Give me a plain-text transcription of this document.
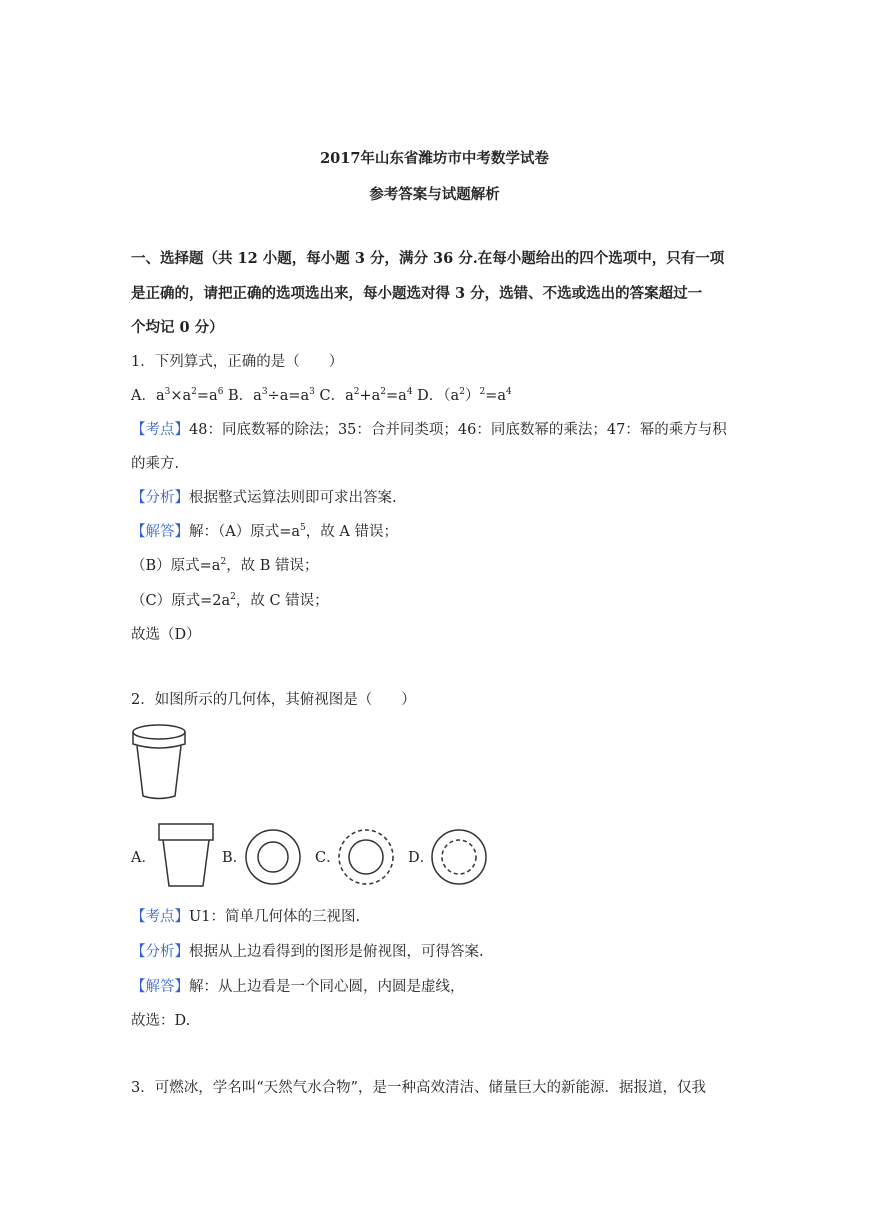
2017年山东省潍坊市中考数学试卷
参考答案与试题解析
一、选择题（共 12 小题，每小题 3 分，满分 36 分.在每小题给出的四个选项中，只有一项
是正确的，请把正确的选项选出来，每小题选对得 3 分，选错、不选或选出的答案超过一
个均记 0 分）
1．下列算式，正确的是（　　）
A．$a^3\times a^2=a^6$ B．$a^3\div a=a^3$ C．$a^2+a^2=a^4$ D．$(a^2)^2=a^4$
【考点】48：同底数幂的除法；35：合并同类项；46：同底数幂的乘法；47：幂的乘方与积
的乘方.
【分析】根据整式运算法则即可求出答案.
【解答】解：（A）原式$=a^5$，故 A 错误；
（B）原式$=a^2$，故 B 错误；
（C）原式$=2a^2$，故 C 错误；
故选（D）
2．如图所示的几何体，其俯视图是（　　）
A．	B．	C．	D．
【考点】U1：简单几何体的三视图.
【分析】根据从上边看得到的图形是俯视图，可得答案.
【解答】解：从上边看是一个同心圆，内圆是虚线，
故选：D.
3．可燃冰，学名叫“天然气水合物”，是一种高效清洁、储量巨大的新能源．据报道，仅我
